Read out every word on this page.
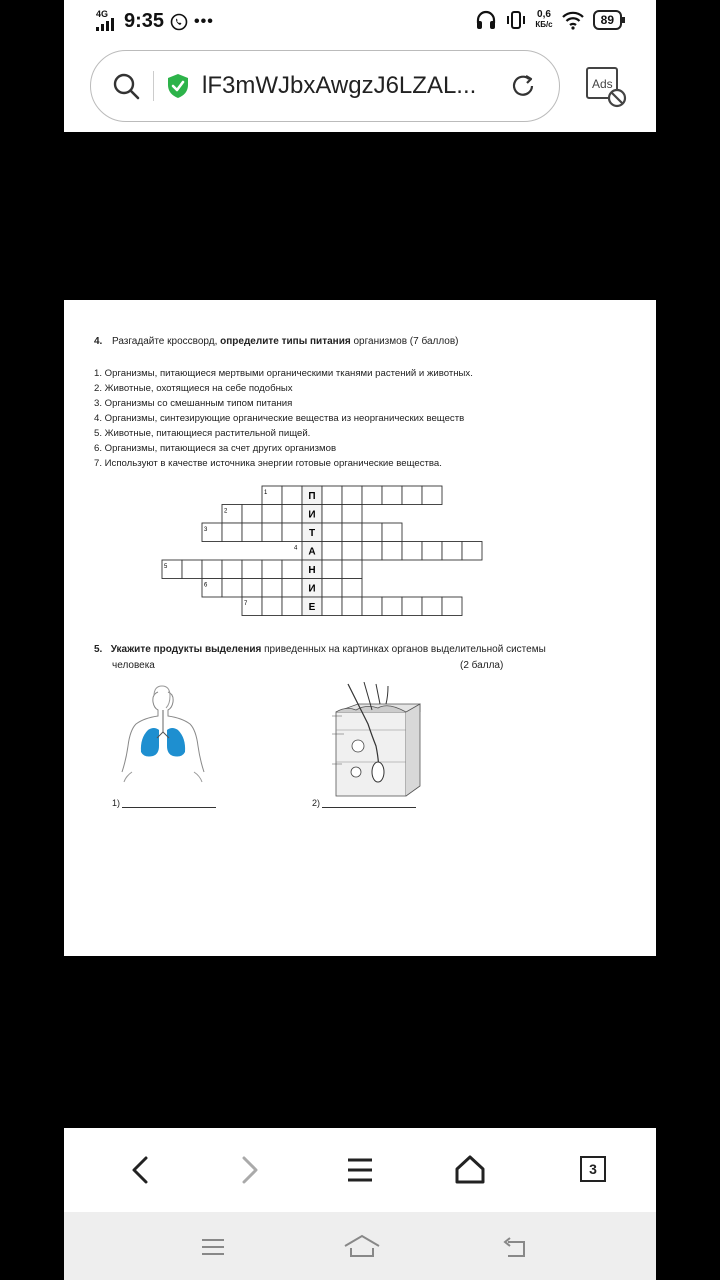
4G 9:35 •••	0,6
КБ/с	89
lF3mWJbxAwgzJ6LZAL...	Ads
4. Разгадайте кроссворд, определите типы питания организмов (7 баллов)
1. Организмы, питающиеся мертвыми органическими тканями растений и животных.
2. Животные, охотящиеся на себе подобных
3. Организмы со смешанным типом питания
4. Организмы, синтезирующие органические вещества из неорганических веществ
5. Животные, питающиеся растительной пищей.
6. Организмы, питающиеся за счет других организмов
7. Используют в качестве источника энергии готовые органические вещества.
П
1
И
2
Т
3
А
4
Н
5
И
6
Е
7
5. Укажите продукты выделения приведенных на картинках органов выделительной системы
человека	(2 балла)
1)	2)
3
